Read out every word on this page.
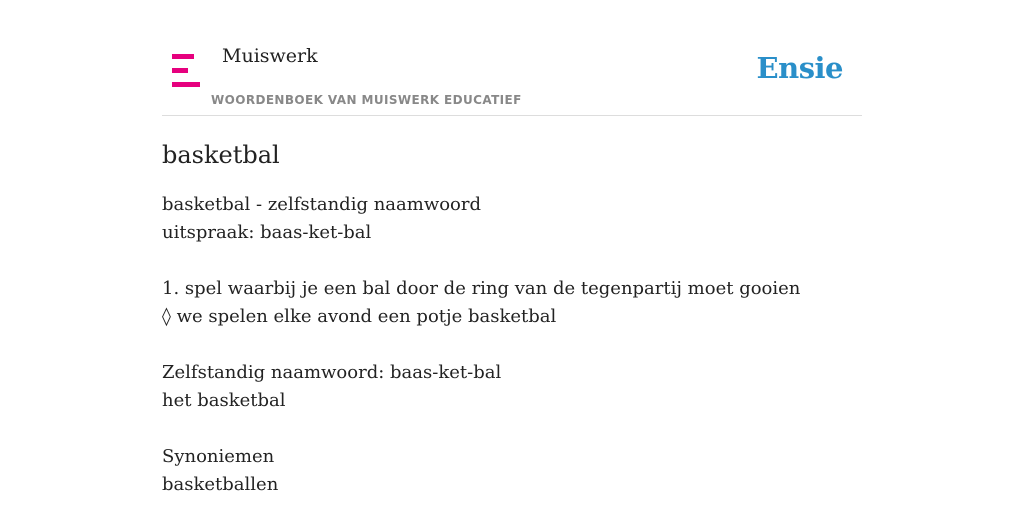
Muiswerk
WOORDENBOEK VAN MUISWERK EDUCATIEF
Ensie
basketbal
basketbal - zelfstandig naamwoord
uitspraak: baas-ket-bal
1. spel waarbij je een bal door de ring van de tegenpartij moet gooien
◊ we spelen elke avond een potje basketbal
Zelfstandig naamwoord: baas-ket-bal
het basketbal
Synoniemen
basketballen
